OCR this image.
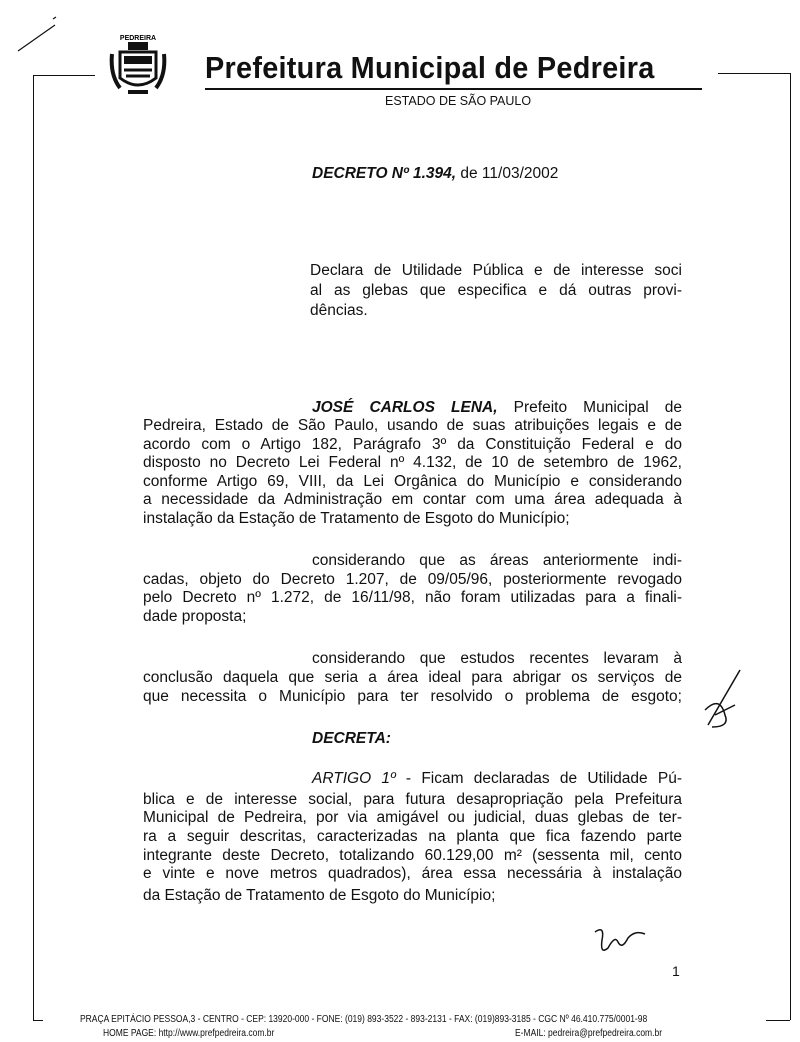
PEDREIRA
Prefeitura Municipal de Pedreira
ESTADO DE SÃO PAULO
DECRETO Nº 1.394, de 11/03/2002
Declara de Utilidade Pública e de interesse soci
al as glebas que especifica e dá outras provi-
dências.
JOSÉ CARLOS LENA, Prefeito Municipal de
Pedreira, Estado de São Paulo, usando de suas atribuições legais e de
acordo com o Artigo 182, Parágrafo 3º da Constituição Federal e do
disposto no Decreto Lei Federal nº 4.132, de 10 de setembro de 1962,
conforme Artigo 69, VIII, da Lei Orgânica do Município e considerando
a necessidade da Administração em contar com uma área adequada à
instalação da Estação de Tratamento de Esgoto do Município;
considerando que as áreas anteriormente indi-
cadas, objeto do Decreto 1.207, de 09/05/96, posteriormente revogado
pelo Decreto nº 1.272, de 16/11/98, não foram utilizadas para a finali-
dade proposta;
considerando que estudos recentes levaram à
conclusão daquela que seria a área ideal para abrigar os serviços de
que necessita o Município para ter resolvido o problema de esgoto;
DECRETA:
ARTIGO 1º - Ficam declaradas de Utilidade Pú-
blica e de interesse social, para futura desapropriação pela Prefeitura
Municipal de Pedreira, por via amigável ou judicial, duas glebas de ter-
ra a seguir descritas, caracterizadas na planta que fica fazendo parte
integrante deste Decreto, totalizando 60.129,00 m² (sessenta mil, cento
e vinte e nove metros quadrados), área essa necessária à instalação
da Estação de Tratamento de Esgoto do Município;
1
PRAÇA EPITÁCIO PESSOA,3 - CENTRO - CEP: 13920-000 - FONE: (019) 893-3522 - 893-2131 - FAX: (019)893-3185 - CGC Nº 46.410.775/0001-98
HOME PAGE: http://www.prefpedreira.com.br	E-MAIL: pedreira@prefpedreira.com.br
